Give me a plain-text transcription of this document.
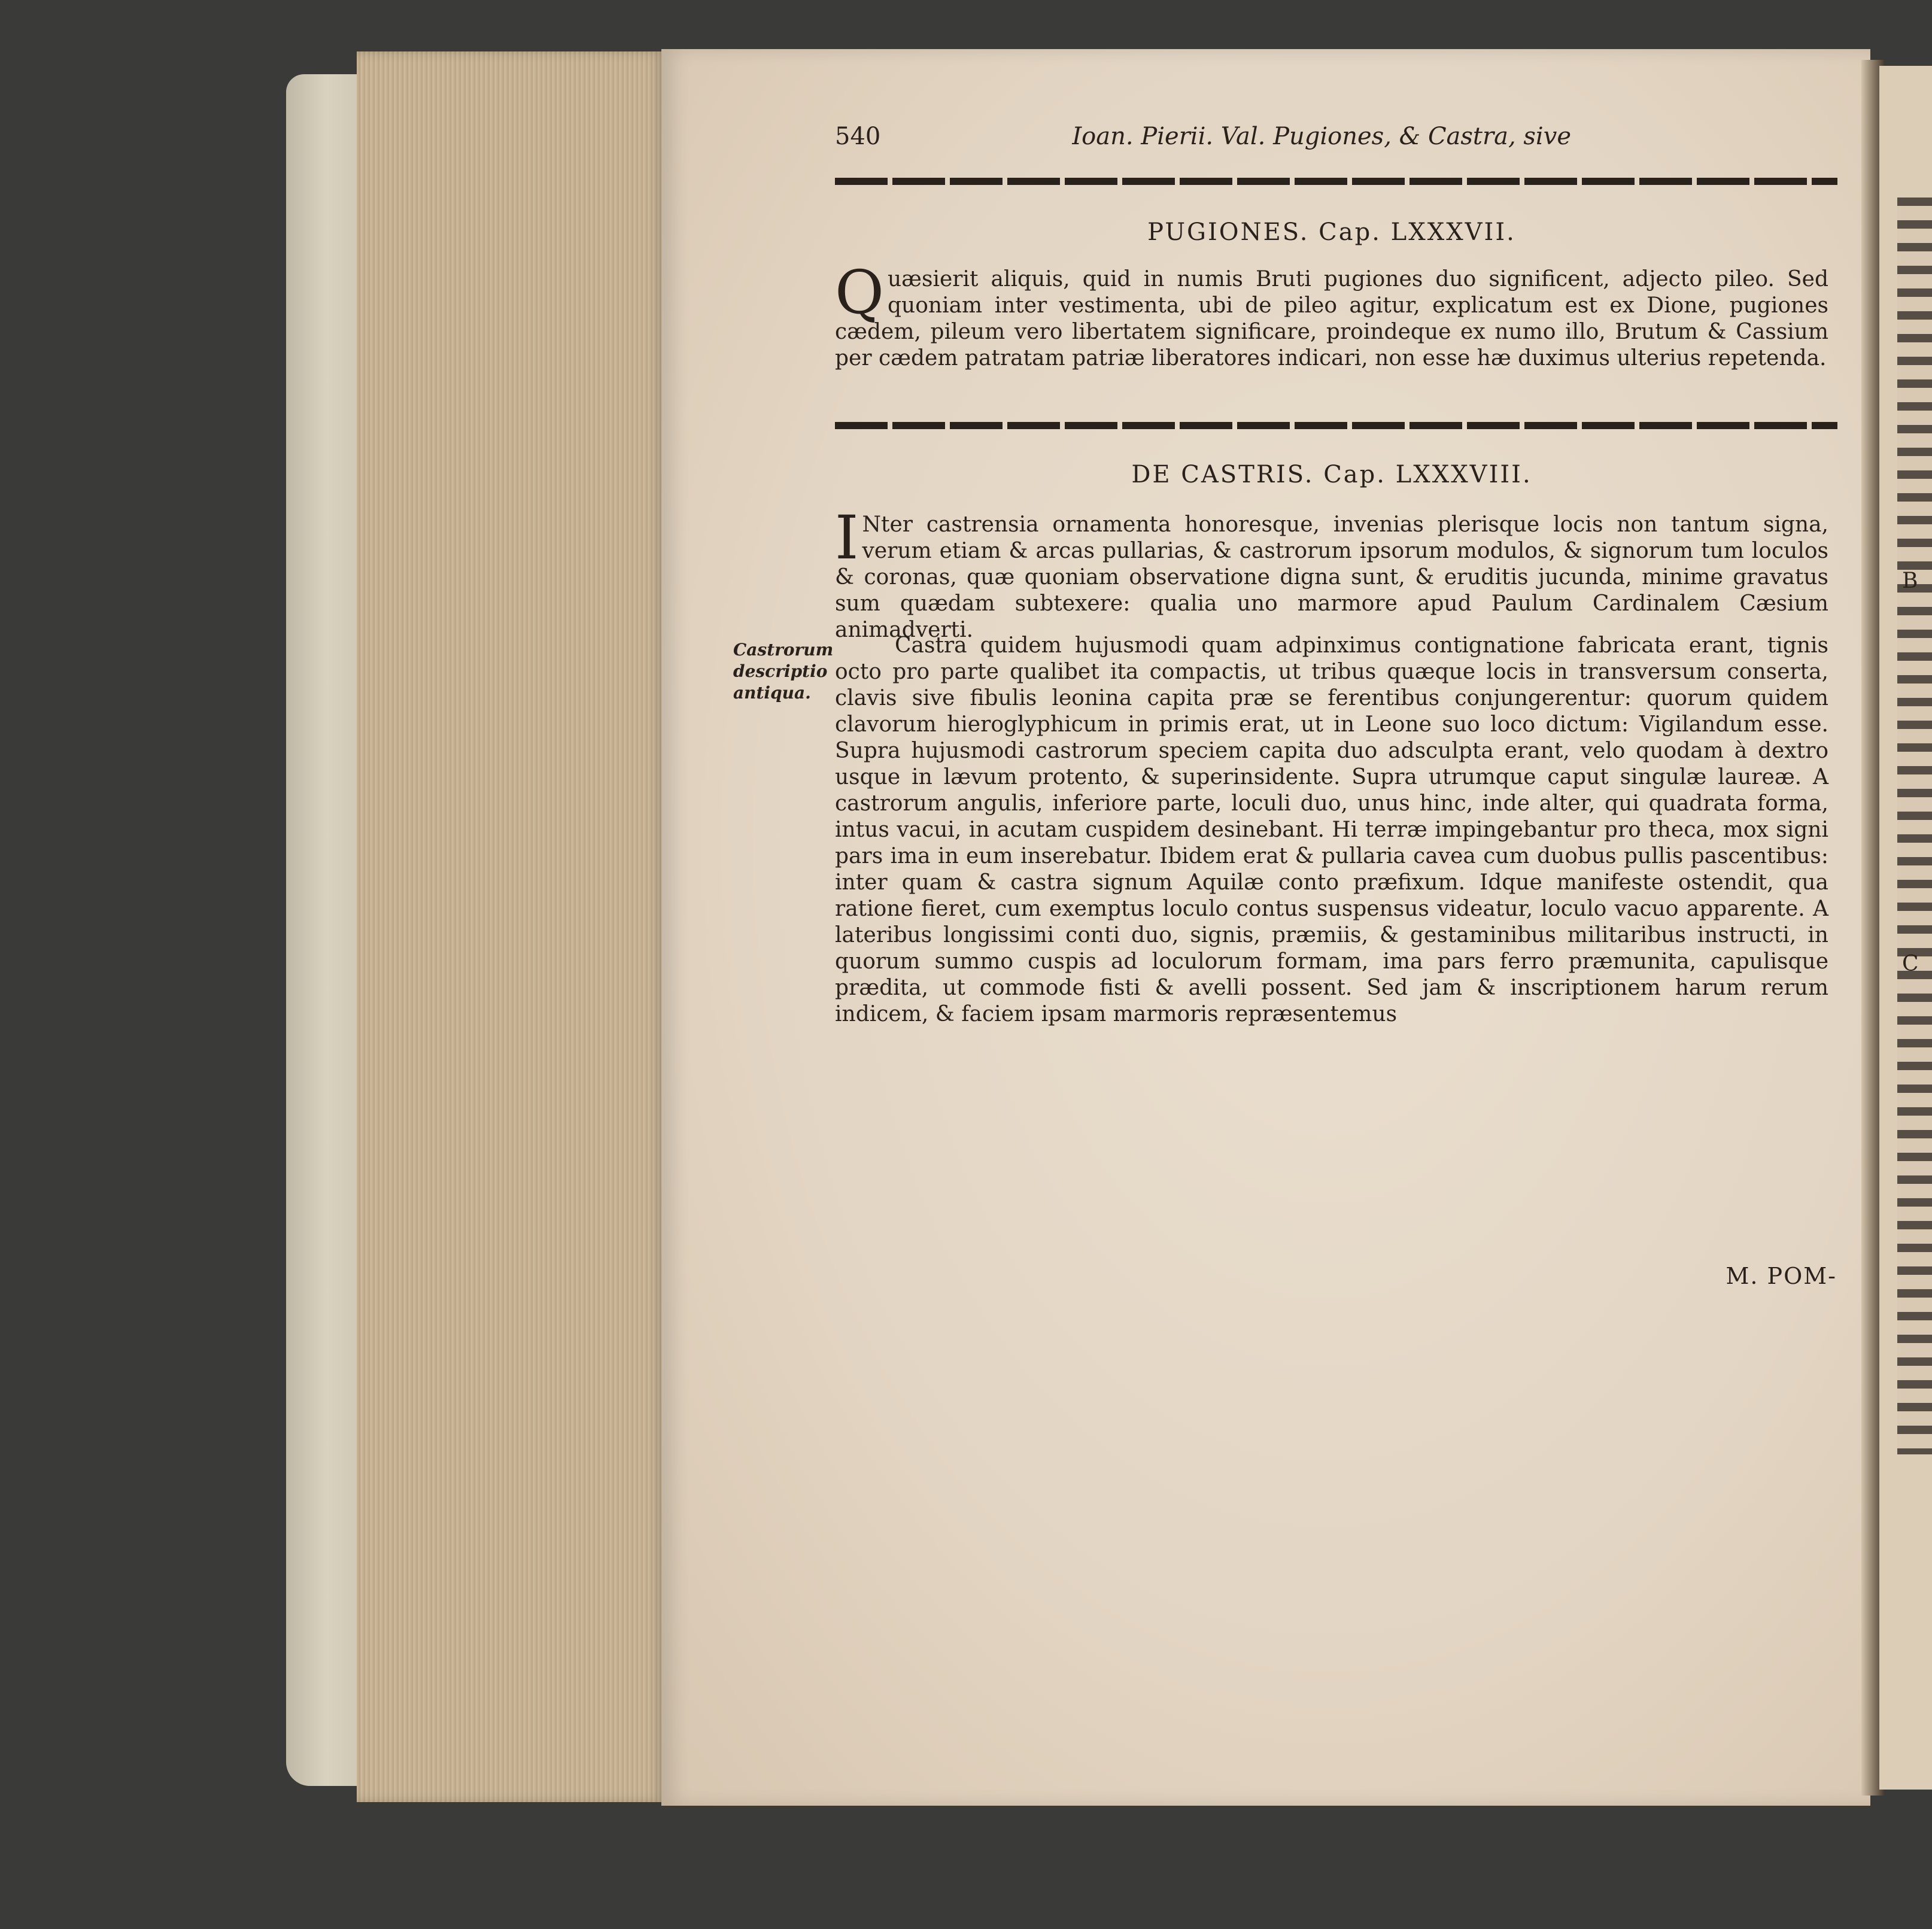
B
C
Castrorum descriptio antiqua.
540	Ioan. Pierii. Val. Pugiones, & Castra, sive
PUGIONES. Cap. LXXXVII.
Q uæsierit aliquis, quid in numis Bruti pugiones duo significent, adjecto pileo. Sed quoniam inter vestimenta, ubi de pileo agitur, explicatum est ex Dione, pugiones cædem, pileum vero libertatem significare, proindeque ex numo illo, Brutum & Cassium per cædem patratam patriæ liberatores indicari, non esse hæ duximus ulterius repetenda.
DE CASTRIS. Cap. LXXXVIII.
I Nter castrensia ornamenta honoresque, invenias plerisque locis non tantum signa, verum etiam & arcas pullarias, & castrorum ipsorum modulos, & signorum tum loculos & coronas, quæ quoniam observatione digna sunt, & eruditis jucunda, minime gravatus sum quædam subtexere: qualia uno marmore apud Paulum Cardinalem Cæsium animadverti.
Castra quidem hujusmodi quam adpinximus contignatione fabricata erant, tignis octo pro parte qualibet ita compactis, ut tribus quæque locis in transversum conserta, clavis sive fibulis leonina capita præ se ferentibus conjungerentur: quorum quidem clavorum hieroglyphicum in primis erat, ut in Leone suo loco dictum: Vigilandum esse. Supra hujusmodi castrorum speciem capita duo adsculpta erant, velo quodam à dextro usque in lævum protento, & superinsidente. Supra utrumque caput singulæ laureæ. A castrorum angulis, inferiore parte, loculi duo, unus hinc, inde alter, qui quadrata forma, intus vacui, in acutam cuspidem desinebant. Hi terræ impingebantur pro theca, mox signi pars ima in eum inserebatur. Ibidem erat & pullaria cavea cum duobus pullis pascentibus: inter quam & castra signum Aquilæ conto præfixum. Idque manifeste ostendit, qua ratione fieret, cum exemptus loculo contus suspensus videatur, loculo vacuo apparente. A lateribus longissimi conti duo, signis, præmiis, & gestaminibus militaribus instructi, in quorum summo cuspis ad loculorum formam, ima pars ferro præmunita, capulisque prædita, ut commode fisti & avelli possent. Sed jam & inscriptionem harum rerum indicem, & faciem ipsam marmoris repræsentemus
M. POM-
